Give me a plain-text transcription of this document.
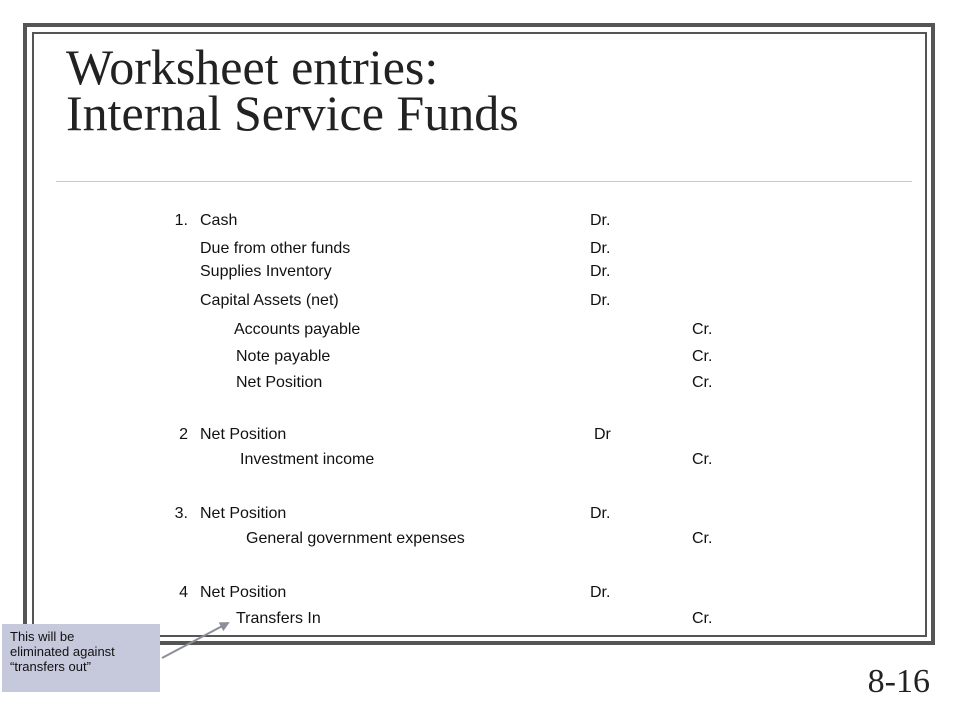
Worksheet entries:
Internal Service Funds
1. Cash	Dr.
Due from other funds	Dr.
Supplies Inventory	Dr.
Capital Assets (net)	Dr.
Accounts payable	Cr.
Note payable	Cr.
Net Position	Cr.
2 Net Position	Dr
Investment income	Cr.
3. Net Position	Dr.
General government expenses	Cr.
4 Net Position	Dr.
Transfers In	Cr.
This will be
eliminated against
“transfers out”	8-16
